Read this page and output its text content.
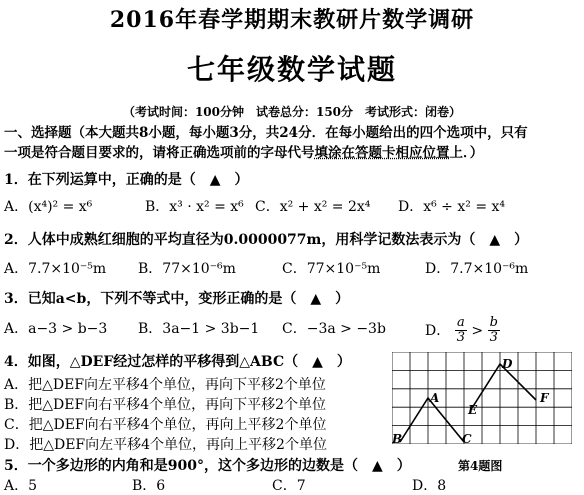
2016年春学期期末教研片数学调研
七年级数学试题
（考试时间：100分钟　试卷总分：150分　考试形式：闭卷）
一、选择题（本大题共8小题，每小题3分，共24分．在每小题给出的四个选项中，只有
一项是符合题目要求的，请将正确选项前的字母代号填涂在答题卡相应位置上．）
1．在下列运算中，正确的是（　▲　）
A．(x⁴)² = x⁶	B．x³ · x² = x⁶ C．x² + x² = 2x⁴ D．x⁶ ÷ x² = x⁴
2．人体中成熟红细胞的平均直径为0.0000077m，用科学记数法表示为（　▲　）
A．7.7×10⁻⁵m B．77×10⁻⁶m	C．77×10⁻⁵m	D．7.7×10⁻⁶m
3．已知a<b，下列不等式中，变形正确的是（　▲　）
A．a−3 > b−3 B．3a−1 > 3b−1 C．−3a > −3b	D． $\frac{a}{3} > \frac{b}{3}$
4．如图，△DEF经过怎样的平移得到△ABC（　▲　）
A．把△DEF向左平移4个单位，再向下平移2个单位
B．把△DEF向右平移4个单位，再向下平移2个单位
C．把△DEF向右平移4个单位，再向上平移2个单位
D．把△DEF向左平移4个单位，再向上平移2个单位
A
B	C
D
E
F
第4题图
5．一个多边形的内角和是900°，这个多边形的边数是（　▲　）
A．5	B．6	C．7	D．8
